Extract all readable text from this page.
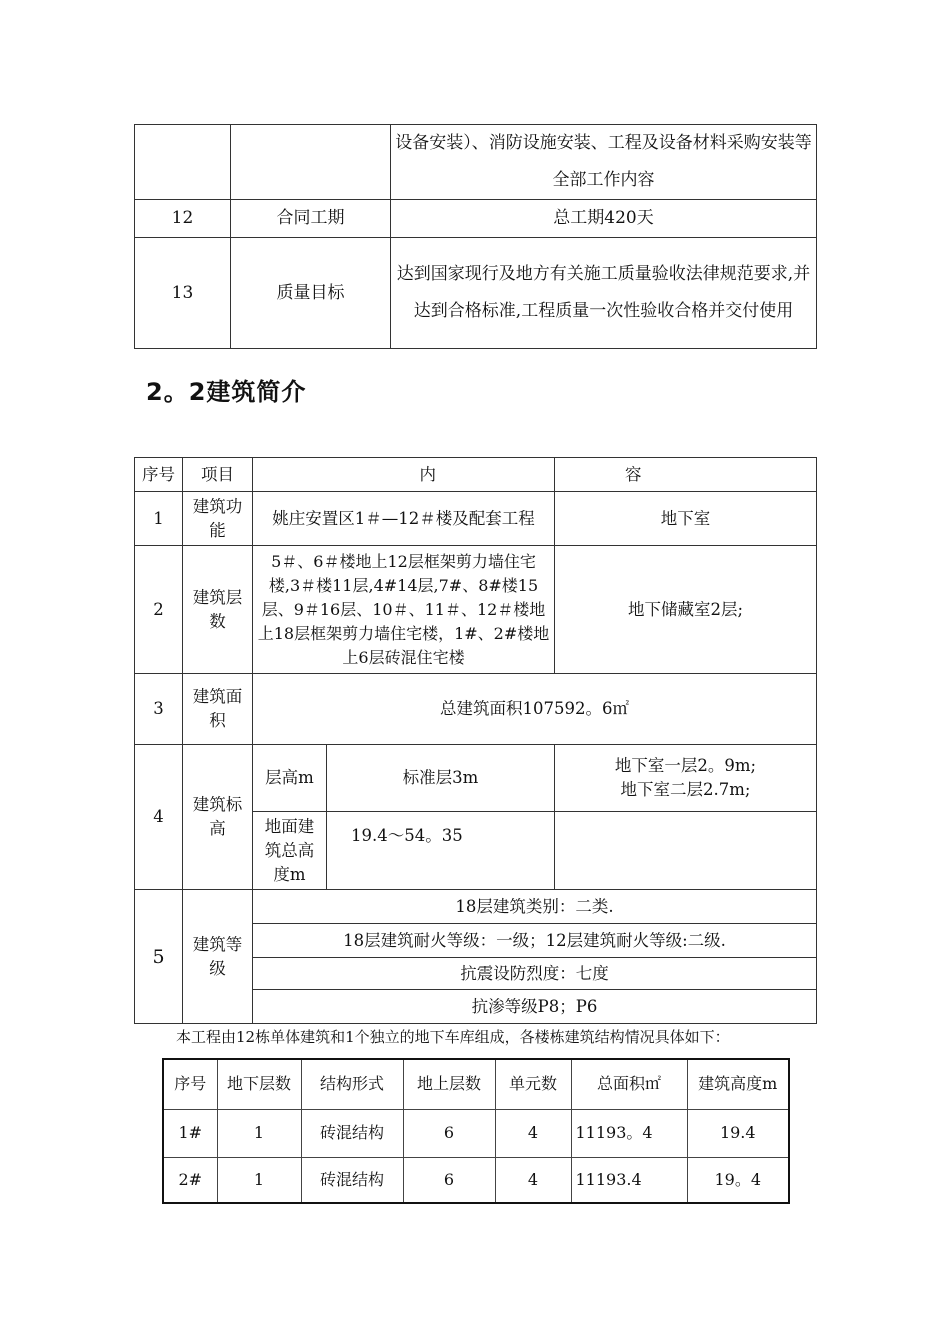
		设备安装）、消防设施安装、工程及设备材料采购安装等全部工作内容
12	合同工期	总工期420天
13	质量目标	达到国家现行及地方有关施工质量验收法律规范要求,并达到合格标准,工程质量一次性验收合格并交付使用
2。2建筑简介
序号	项目	内		容
1	建筑功能	姚庄安置区1＃—12＃楼及配套工程		地下室
2	建筑层数	5＃、6＃楼地上12层框架剪力墙住宅楼,3＃楼11层,4#14层,7#、8#楼15层、9＃16层、10＃、11＃、12＃楼地上18层框架剪力墙住宅楼，1#、2#楼地上6层砖混住宅楼		地下储藏室2层;
3	建筑面积	总建筑面积107592。6㎡		
4	建筑标高	层高m	标准层3m	地下室一层2。9m;
地下室二层2.7m;

		地面建筑总高度m	19.4～54。35	
5	建筑等级	18层建筑类别：二类.		
		18层建筑耐火等级：一级；12层建筑耐火等级:二级.		
		抗震设防烈度：七度		
		抗渗等级P8；P6		
本工程由12栋单体建筑和1个独立的地下车库组成，各楼栋建筑结构情况具体如下：
序号	地下层数	结构形式	地上层数	单元数	总面积㎡	建筑高度m
1#	1	砖混结构	6	4	11193。4	19.4
2#	1	砖混结构	6	4	11193.4	19。4
